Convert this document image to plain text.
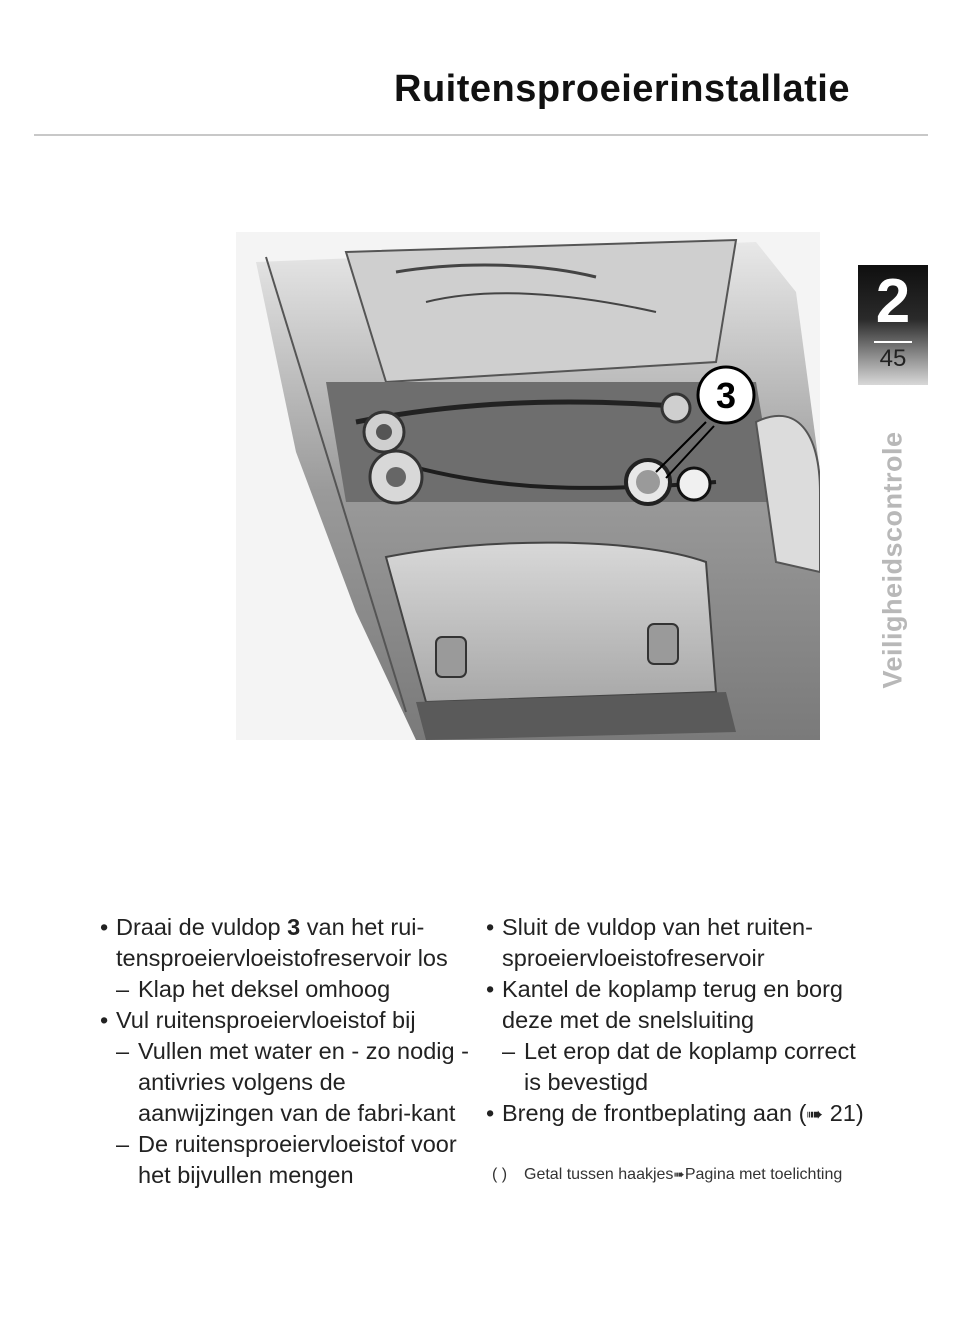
Ruitensproeierinstallatie
2
45
Veiligheidscontrole
3

• Draai de vuldop 3 van het rui-tensproeiervloeistofreservoir los

– Klap het deksel omhoog

• Vul ruitensproeiervloeistof bij

– Vullen met water en - zo nodig - antivries volgens de aanwijzingen van de fabri-kant

– De ruitensproeiervloeistof voor het bijvullen mengen

• Sluit de vuldop van het ruiten-sproeiervloeistofreservoir

• Kantel de koplamp terug en borg deze met de snelsluiting

– Let erop dat de koplamp correct is bevestigd

• Breng de frontbeplating aan (➠ 21)

( ) Getal tussen haakjes➠Pagina met toelichting
